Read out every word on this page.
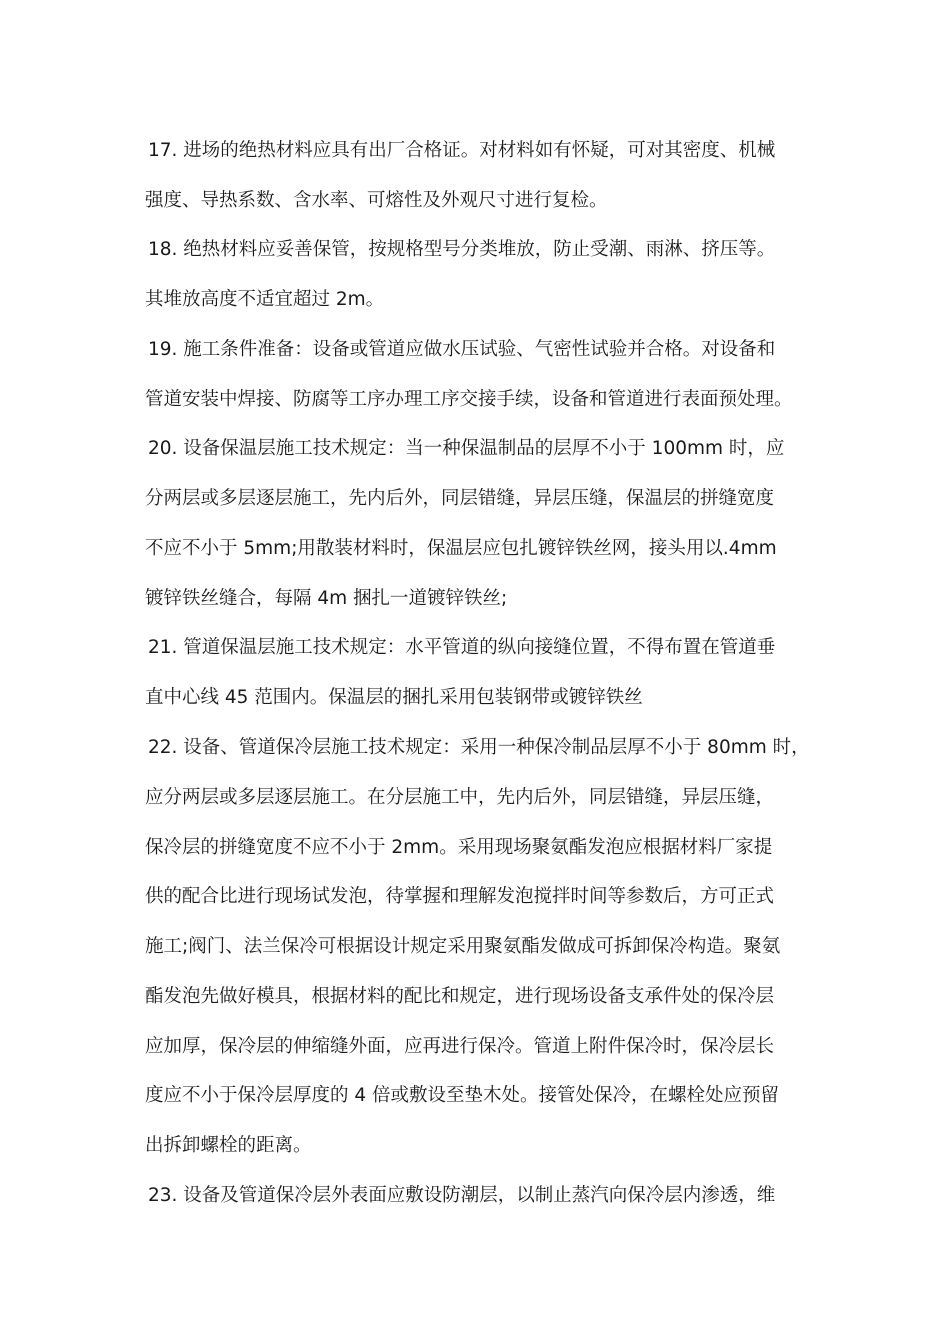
17. 进场的绝热材料应具有出厂合格证。对材料如有怀疑，可对其密度、机械
强度、导热系数、含水率、可熔性及外观尺寸进行复检。
18. 绝热材料应妥善保管，按规格型号分类堆放，防止受潮、雨淋、挤压等。
其堆放高度不适宜超过 2m。
19. 施工条件准备：设备或管道应做水压试验、气密性试验并合格。对设备和
管道安装中焊接、防腐等工序办理工序交接手续，设备和管道进行表面预处理。
20. 设备保温层施工技术规定：当一种保温制品的层厚不小于 100mm 时，应
分两层或多层逐层施工，先内后外，同层错缝，异层压缝，保温层的拼缝宽度
不应不小于 5mm;用散装材料时，保温层应包扎镀锌铁丝网，接头用以.4mm
镀锌铁丝缝合，每隔 4m 捆扎一道镀锌铁丝;
21. 管道保温层施工技术规定：水平管道的纵向接缝位置，不得布置在管道垂
直中心线 45 范围内。保温层的捆扎采用包装钢带或镀锌铁丝
22. 设备、管道保冷层施工技术规定：采用一种保冷制品层厚不小于 80mm 时，
应分两层或多层逐层施工。在分层施工中，先内后外，同层错缝，异层压缝，
保冷层的拼缝宽度不应不小于 2mm。采用现场聚氨酯发泡应根据材料厂家提
供的配合比进行现场试发泡，待掌握和理解发泡搅拌时间等参数后，方可正式
施工;阀门、法兰保冷可根据设计规定采用聚氨酯发做成可拆卸保冷构造。聚氨
酯发泡先做好模具，根据材料的配比和规定，进行现场设备支承件处的保冷层
应加厚，保冷层的伸缩缝外面，应再进行保冷。管道上附件保冷时，保冷层长
度应不小于保冷层厚度的 4 倍或敷设至垫木处。接管处保冷，在螺栓处应预留
出拆卸螺栓的距离。
23. 设备及管道保冷层外表面应敷设防潮层，以制止蒸汽向保冷层内渗透，维
